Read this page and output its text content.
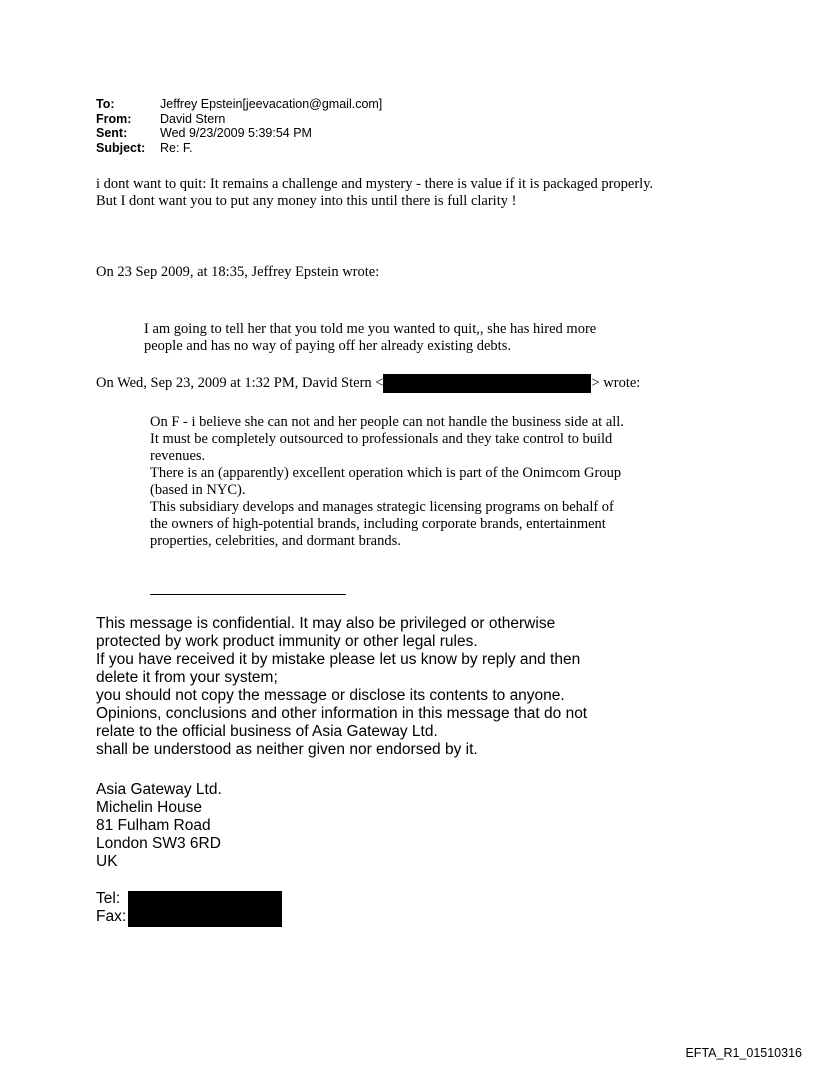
To:	Jeffrey Epstein[jeevacation@gmail.com]
From:	David Stern
Sent:	Wed 9/23/2009 5:39:54 PM
Subject:	Re: F.
i dont want to quit: It remains a challenge and mystery - there is value if it is packaged properly.
But I dont want you to put any money into this until there is full clarity !
On 23 Sep 2009, at 18:35, Jeffrey Epstein wrote:
I am going to tell her that you told me you wanted to quit,, she has hired more
people and has no way of paying off her already existing debts.
On Wed, Sep 23, 2009 at 1:32 PM, David Stern <	> wrote:
On F - i believe she can not and her people can not handle the business side at all.
It must be completely outsourced to professionals and they take control to build
revenues.
There is an (apparently) excellent operation which is part of the Onimcom Group
(based in NYC).
This subsidiary develops and manages strategic licensing programs on behalf of
the owners of high-potential brands, including corporate brands, entertainment
properties, celebrities, and dormant brands.
This message is confidential. It may also be privileged or otherwise
protected by work product immunity or other legal rules.
If you have received it by mistake please let us know by reply and then
delete it from your system;
you should not copy the message or disclose its contents to anyone.
Opinions, conclusions and other information in this message that do not
relate to the official business of Asia Gateway Ltd.
shall be understood as neither given nor endorsed by it.
Asia Gateway Ltd.
Michelin House
81 Fulham Road
London SW3 6RD
UK
Tel:
Fax:
EFTA_R1_01510316
